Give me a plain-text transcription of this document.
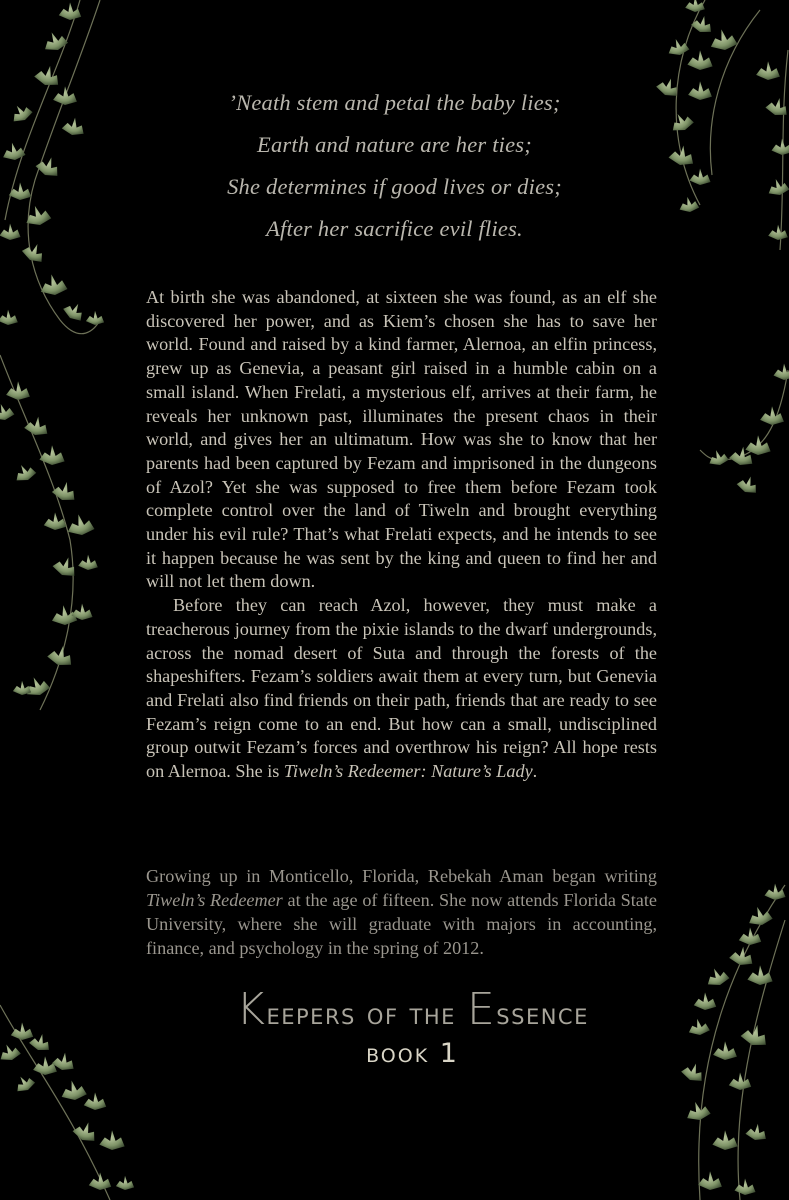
’Neath stem and petal the baby lies;
Earth and nature are her ties;
She determines if good lives or dies;
After her sacrifice evil flies.

At birth she was abandoned, at sixteen she was found, as an elf she discovered her power, and as Kiem’s chosen she has to save her world. Found and raised by a kind farmer, Alernoa, an elfin princess, grew up as Genevia, a peasant girl raised in a humble cabin on a small island. When Frelati, a mysterious elf, arrives at their farm, he reveals her unknown past, illuminates the present chaos in their world, and gives her an ultimatum. How was she to know that her parents had been captured by Fezam and imprisoned in the dungeons of Azol? Yet she was supposed to free them before Fezam took complete control over the land of Tiweln and brought everything under his evil rule? That’s what Frelati expects, and he intends to see it happen because he was sent by the king and queen to find her and will not let them down.

Before they can reach Azol, however, they must make a treacherous journey from the pixie islands to the dwarf undergrounds, across the nomad desert of Suta and through the forests of the shapeshifters. Fezam’s soldiers await them at every turn, but Genevia and Frelati also find friends on their path, friends that are ready to see Fezam’s reign come to an end. But how can a small, undisciplined group outwit Fezam’s forces and overthrow his reign? All hope rests on Alernoa. She is Tiweln’s Redeemer: Nature’s Lady.

Growing up in Monticello, Florida, Rebekah Aman began writing Tiweln’s Redeemer at the age of fifteen. She now attends Florida State University, where she will graduate with majors in accounting, finance, and psychology in the spring of 2012.

Keepers of the Essence
book 1
